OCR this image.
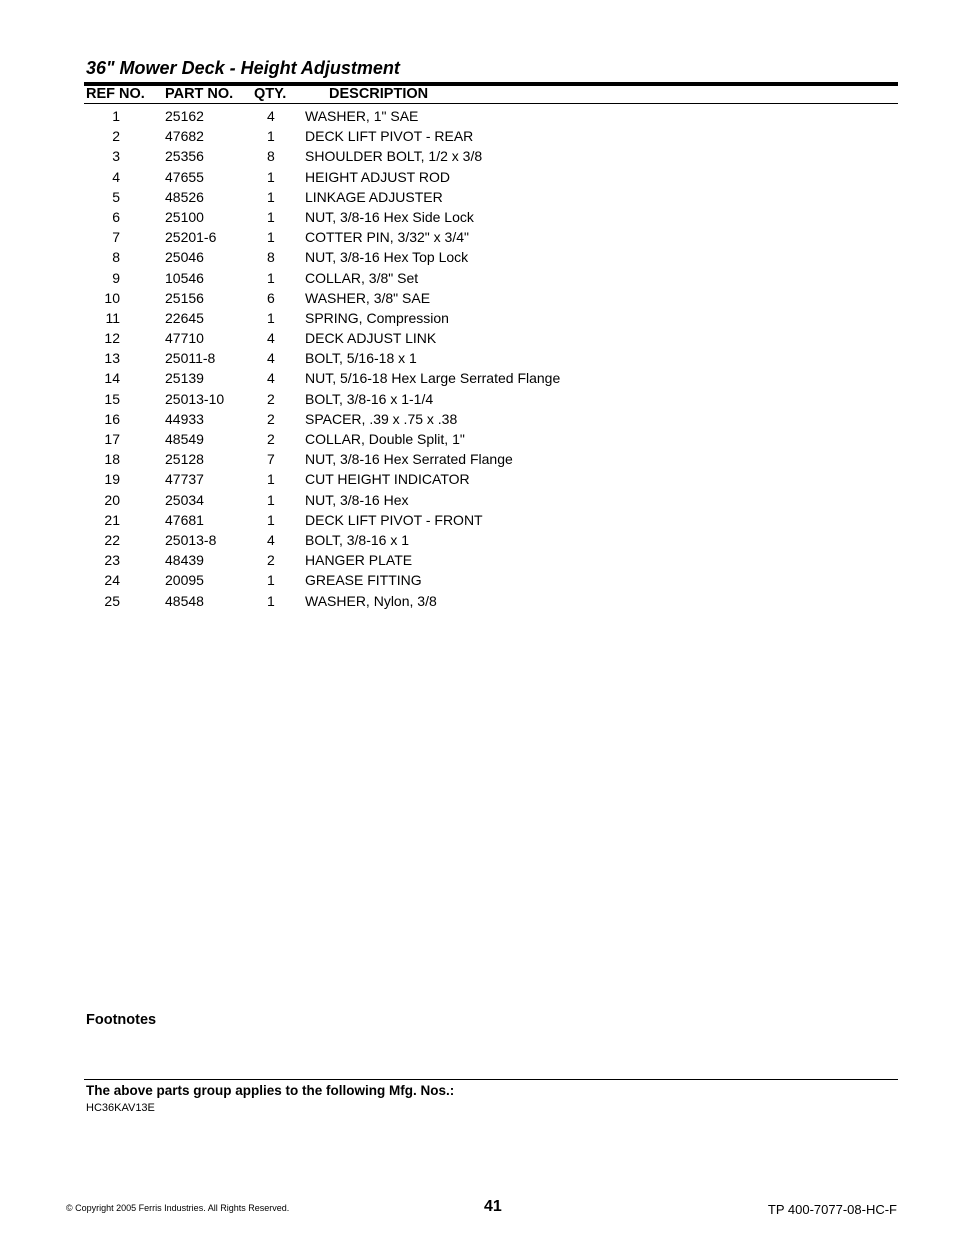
36" Mower Deck - Height Adjustment
REF NO. PART NO. QTY.	DESCRIPTION
1	25162	4 WASHER, 1" SAE
2	47682	1 DECK LIFT PIVOT - REAR
3	25356	8 SHOULDER BOLT, 1/2 x 3/8
4	47655	1 HEIGHT ADJUST ROD
5	48526	1 LINKAGE ADJUSTER
6	25100	1 NUT, 3/8-16 Hex Side Lock
7	25201-6	1 COTTER PIN, 3/32" x 3/4"
8	25046	8 NUT, 3/8-16 Hex Top Lock
9	10546	1 COLLAR, 3/8" Set
10	25156	6 WASHER, 3/8" SAE
11	22645	1 SPRING, Compression
12	47710	4 DECK ADJUST LINK
13	25011-8	4 BOLT, 5/16-18 x 1
14	25139	4 NUT, 5/16-18 Hex Large Serrated Flange
15	25013-10	2 BOLT, 3/8-16 x 1-1/4
16	44933	2 SPACER, .39 x .75 x .38
17	48549	2 COLLAR, Double Split, 1"
18	25128	7 NUT, 3/8-16 Hex Serrated Flange
19	47737	1 CUT HEIGHT INDICATOR
20	25034	1 NUT, 3/8-16 Hex
21	47681	1 DECK LIFT PIVOT - FRONT
22	25013-8	4 BOLT, 3/8-16 x 1
23	48439	2 HANGER PLATE
24	20095	1 GREASE FITTING
25	48548	1 WASHER, Nylon, 3/8
Footnotes
The above parts group applies to the following Mfg. Nos.:
HC36KAV13E
© Copyright 2005 Ferris Industries. All Rights Reserved.	41	TP 400-7077-08-HC-F
